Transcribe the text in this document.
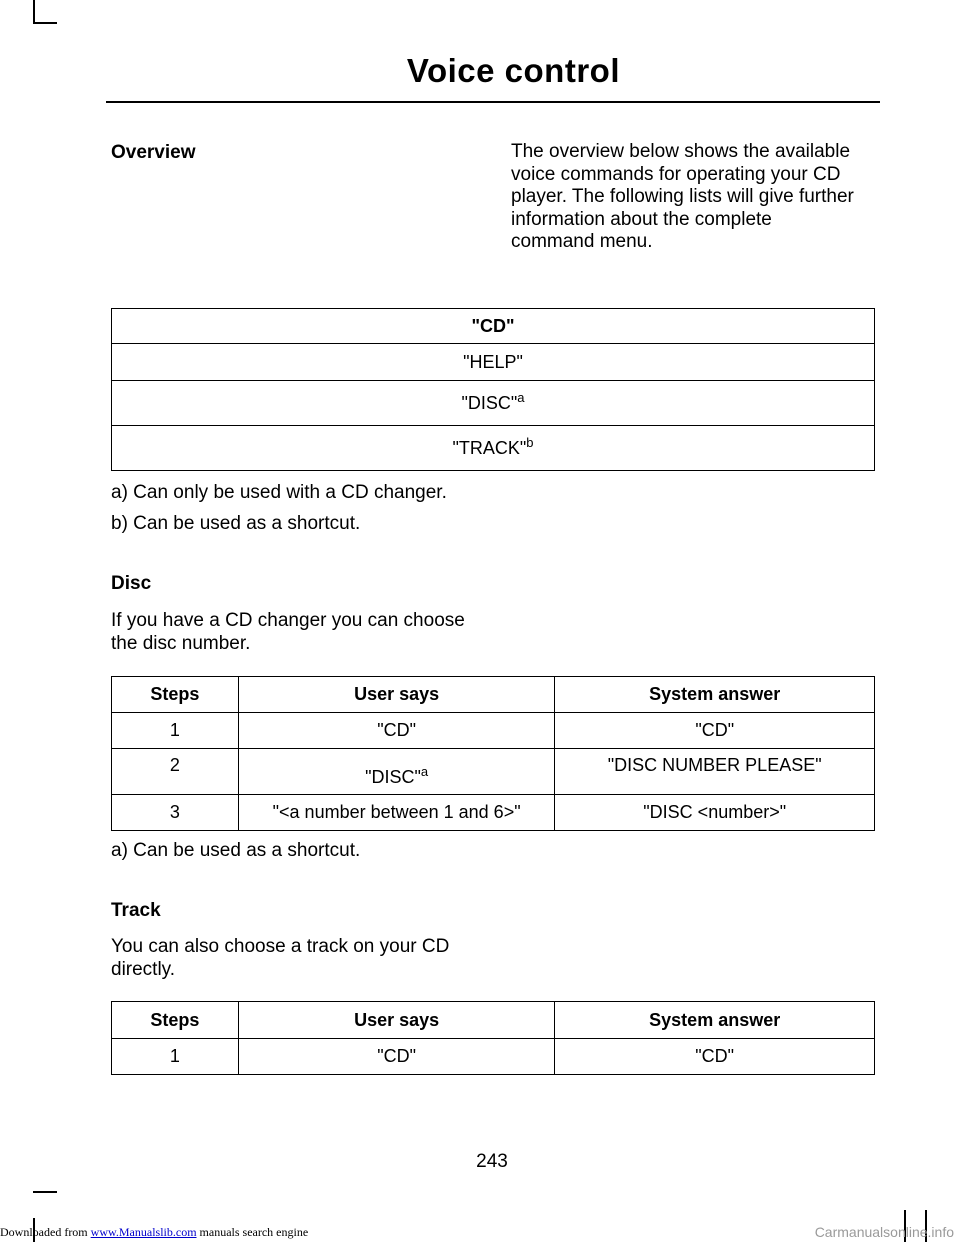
Voice control
Overview	The overview below shows the available voice commands for operating your CD player. The following lists will give further information about the complete command menu.
"CD"
"HELP"
"DISC"$^a$
"TRACK"$^b$
a) Can only be used with a CD changer.
b) Can be used as a shortcut.
Disc
If you have a CD changer you can choose the disc number.
Steps	User says	System answer
1	"CD"	"CD"
2	"DISC"$^a$	"DISC NUMBER PLEASE"
3	"<a number between 1 and 6>"	"DISC <number>"
a) Can be used as a shortcut.
Track
You can also choose a track on your CD directly.
Steps	User says	System answer
1	"CD"	"CD"
243
Downloaded from www.Manualslib.com manuals search engine	Carmanualsonline.info
